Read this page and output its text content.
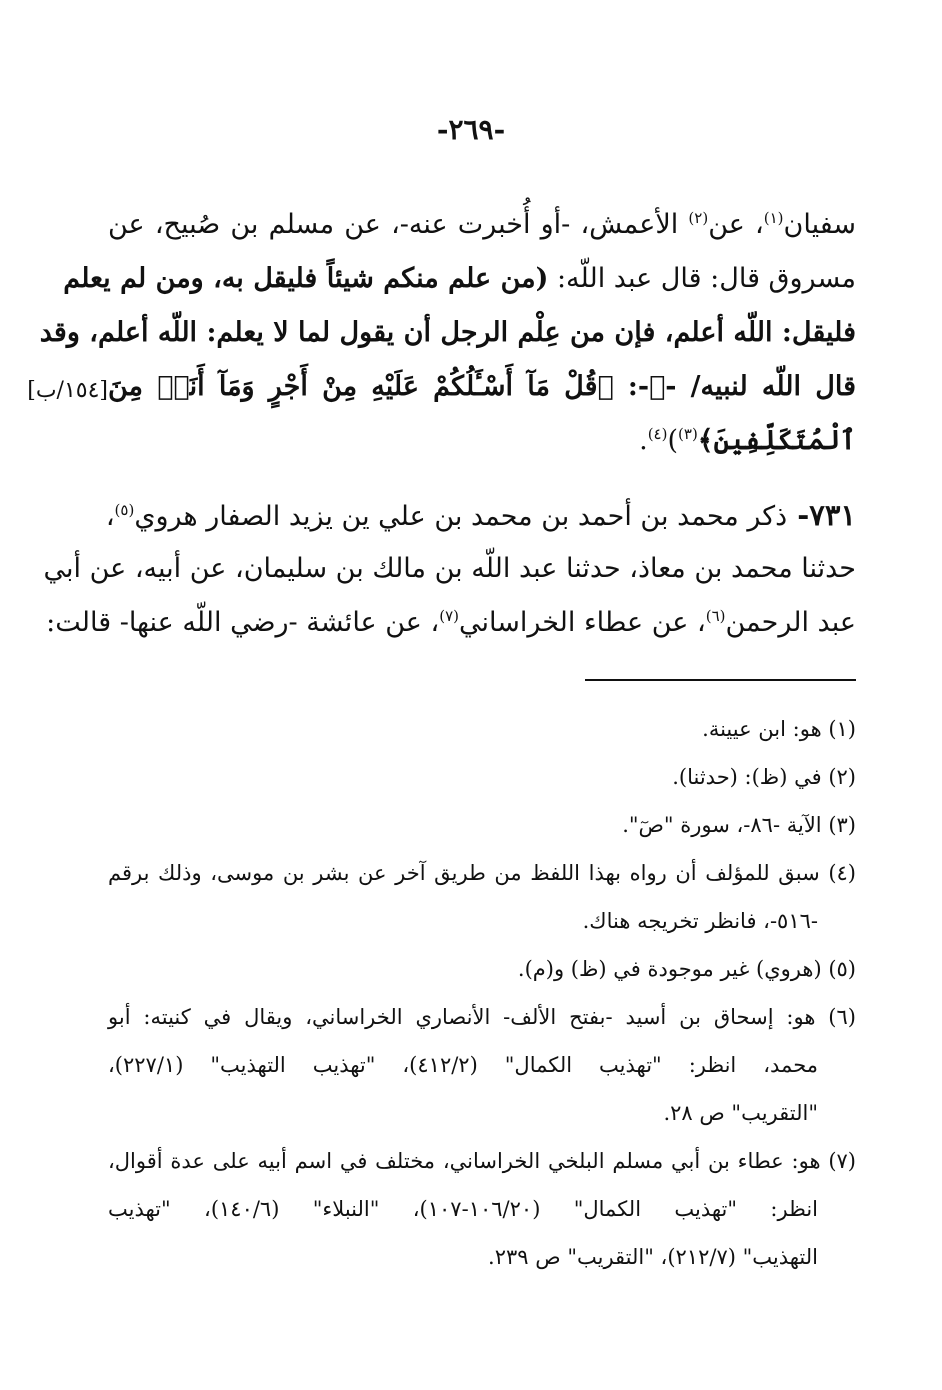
-٢٦٩-
[١٥٤/ب]
سفيان$^{(١)}$، عن$^{(٢)}$ الأعمش، -أو أُخبرت عنه-، عن مسلم بن صُبيح، عن
مسروق قال: قال عبد اللّه: (من علم منكم شيئاً فليقل به، ومن لم يعلم
فليقل: اللّه أعلم، فإن من عِلْم الرجل أن يقول لما لا يعلم: اللّه أعلم، وقد
قال اللّه لنبيه/ -ﷺ-: ﴿قُلْ مَآ أَسْـَٔلُكُمْ عَلَيْهِ مِنْ أَجْرٍ وَمَآ أَنَا۠ مِنَ
ٱلْمُتَكَلِّفِينَ﴾$^{(٣)}$)$^{(٤)}$.
٧٣١- ذكر محمد بن أحمد بن محمد بن علي ين يزيد الصفار هروي$^{(٥)}$،
حدثنا محمد بن معاذ، حدثنا عبد اللّه بن مالك بن سليمان، عن أبيه، عن أبي
عبد الرحمن$^{(٦)}$، عن عطاء الخراساني$^{(٧)}$، عن عائشة -رضي اللّه عنها- قالت:
(١) هو: ابن عيينة.
(٢) في (ظ): (حدثنا).
(٣) الآية -٨٦-، سورة "صٓ".
(٤) سبق للمؤلف أن رواه بهذا اللفظ من طريق آخر عن بشر بن موسى، وذلك برقم
-٥١٦-، فانظر تخريجه هناك.
(٥) (هروي) غير موجودة في (ظ) و(م).
(٦) هو: إسحاق بن أسيد -بفتح الألف- الأنصاري الخراساني، ويقال في كنيته: أبو
محمد، انظر: "تهذيب الكمال" (٤١٢/٢)، "تهذيب التهذيب" (٢٢٧/١)،
"التقريب" ص ٢٨.
(٧) هو: عطاء بن أبي مسلم البلخي الخراساني، مختلف في اسم أبيه على عدة أقوال،
انظر: "تهذيب الكمال" (١٠٦/٢٠-١٠٧)، "النبلاء" (١٤٠/٦)، "تهذيب
التهذيب" (٢١٢/٧)، "التقريب" ص ٢٣٩.
